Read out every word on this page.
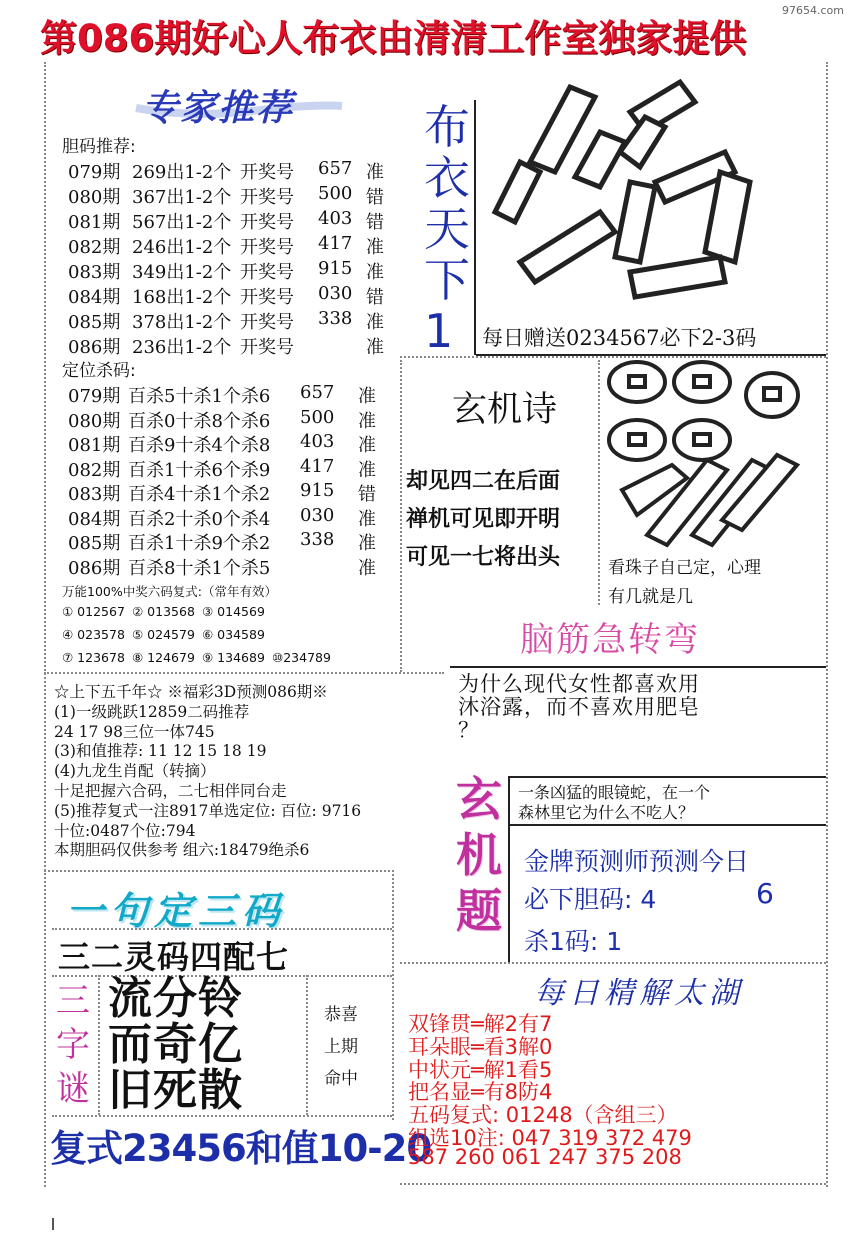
第086期好心人布衣由清清工作室独家提供
97654.com
专家推荐
胆码推荐:
定位杀码:
万能100%中奖六码复式:（常年有效）
每日赠送0234567必下2-3码
玄机诗
看珠子自己定，心理
有几就是几
脑筋急转弯
一条凶猛的眼镜蛇，在一个
森林里它为什么不吃人？
金牌预测师预测今日
必下胆码: 4	6
杀1码: 1
一句定三码
三二灵码四配七
复式23456和值10-20
每日精解太湖
079期 269出1-2个 开奖号 657 准
080期 367出1-2个 开奖号 500 错
081期 567出1-2个 开奖号 403 错
082期 246出1-2个 开奖号 417 准
083期 349出1-2个 开奖号 915 准
084期 168出1-2个 开奖号 030 错
085期 378出1-2个 开奖号 338 准
086期 236出1-2个 开奖号	准
079期 百杀5十杀1个杀6 657 准
080期 百杀0十杀8个杀6 500 准
081期 百杀9十杀4个杀8 403 准
082期 百杀1十杀6个杀9 417 准
083期 百杀4十杀1个杀2 915 错
084期 百杀2十杀0个杀4 030 准
085期 百杀1十杀9个杀2 338 准
086期 百杀8十杀1个杀5	准
① 012567 ② 013568 ③ 014569
④ 023578 ⑤ 024579 ⑥ 034589
⑦ 123678 ⑧ 124679 ⑨ 134689 ⑩234789
布
衣
天
下
1
却见四二在后面
禅机可见即开明
可见一七将出头
为什么现代女性都喜欢用
沐浴露，而不喜欢用肥皂
？
☆上下五千年☆ ※福彩3D预测086期※
(1)一级跳跃12859二码推荐
24 17 98三位一体745
(3)和值推荐: 11 12 15 18 19
(4)九龙生肖配（转摘）
十足把握六合码，二七相伴同台走
(5)推荐复式一注8917单选定位: 百位: 9716
十位:0487个位:794
本期胆码仅供参考 组六:18479绝杀6
玄
机
题
三
字
谜
流分铃
而奇亿
旧死散
恭喜
上期
命中
双锋贯═解2有7
耳朵眼═看3解0
中状元═解1看5
把名显═有8防4
五码复式: 01248（含组三）
组选10注: 047 319 372 479
587 260 061 247 375 208
